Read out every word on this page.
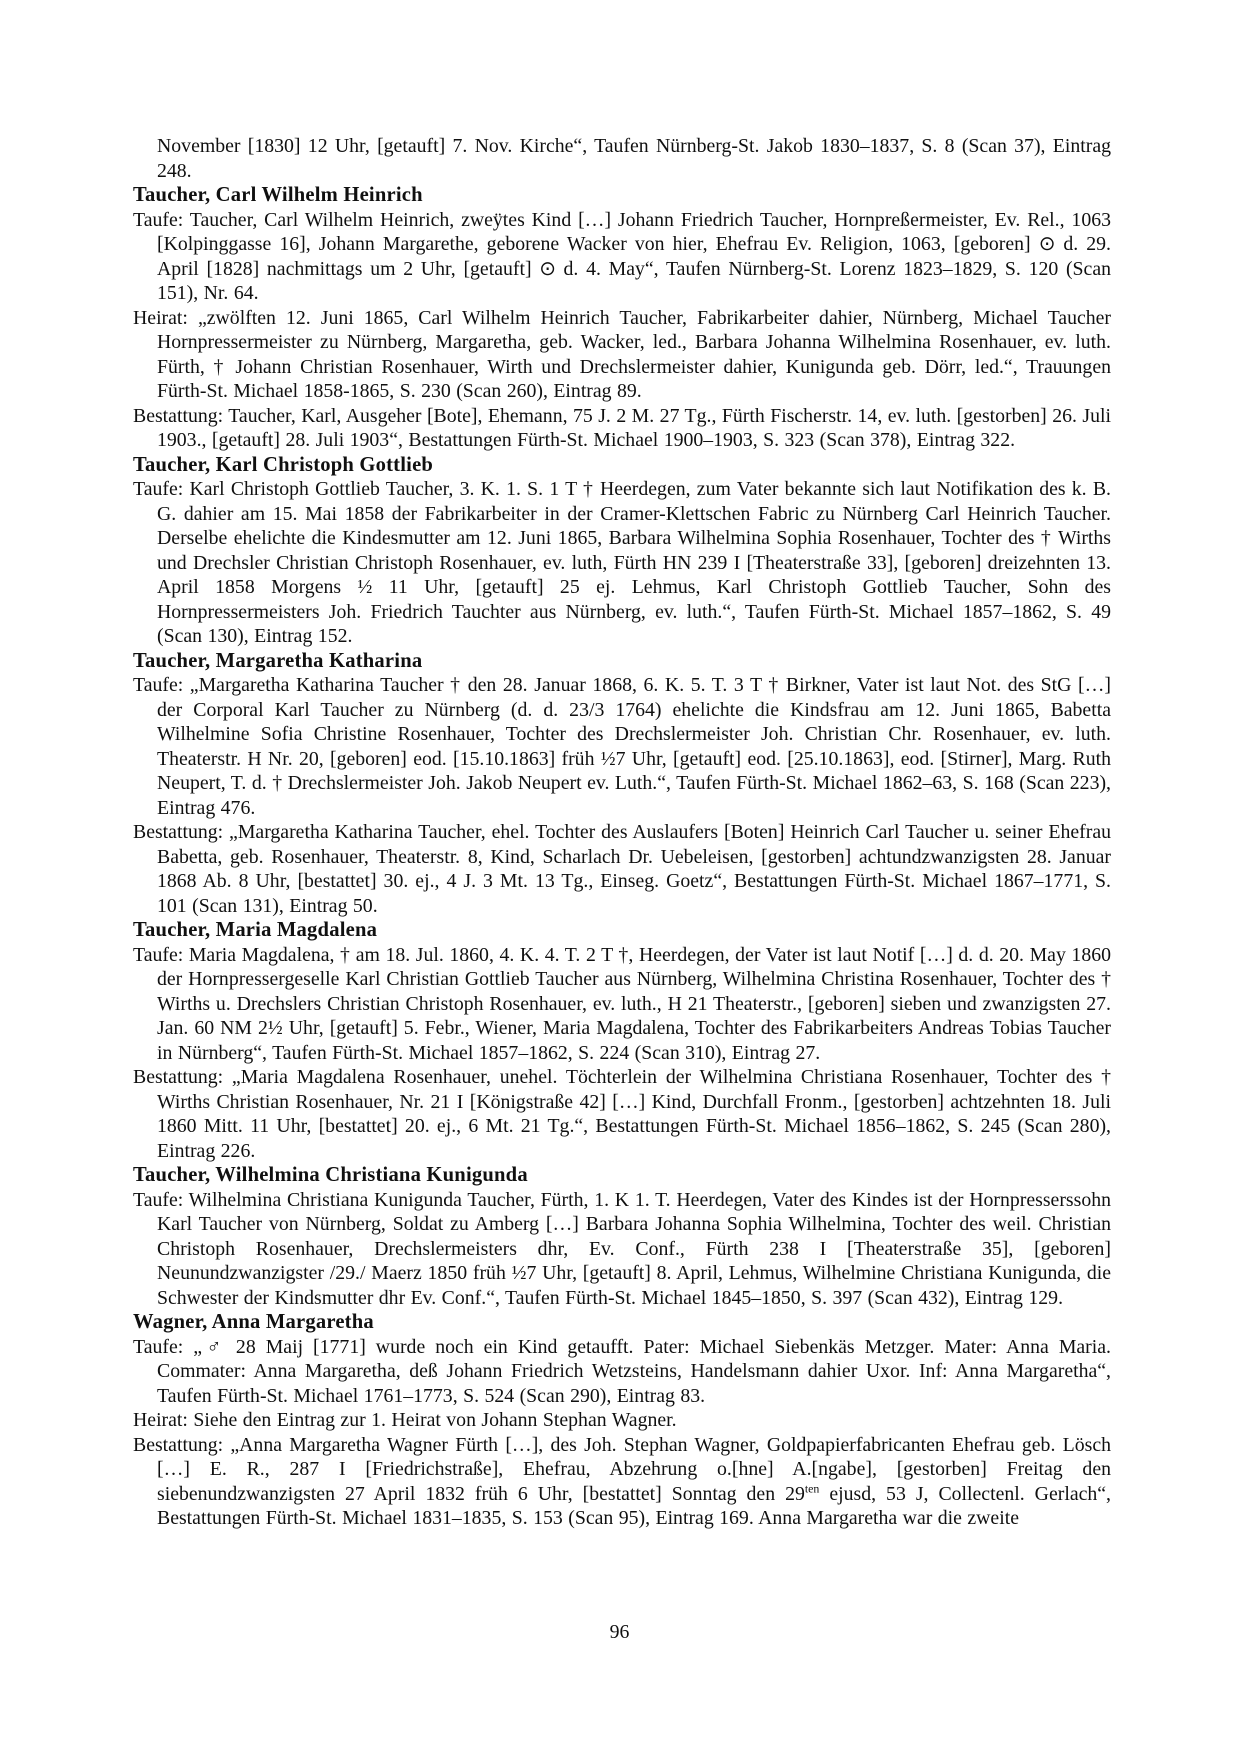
November [1830] 12 Uhr, [getauft] 7. Nov. Kirche“, Taufen Nürnberg-St. Jakob 1830–1837, S. 8 (Scan 37), Eintrag 248.

Taucher, Carl Wilhelm Heinrich

Taufe: Taucher, Carl Wilhelm Heinrich, zweÿtes Kind […] Johann Friedrich Taucher, Hornpreßermeister, Ev. Rel., 1063 [Kolpinggasse 16], Johann Margarethe, geborene Wacker von hier, Ehefrau Ev. Religion, 1063, [geboren] ⊙ d. 29. April [1828] nachmittags um 2 Uhr, [getauft] ⊙ d. 4. May“, Taufen Nürnberg-St. Lorenz 1823–1829, S. 120 (Scan 151), Nr. 64.

Heirat: „zwölften 12. Juni 1865, Carl Wilhelm Heinrich Taucher, Fabrikarbeiter dahier, Nürnberg, Michael Taucher Hornpressermeister zu Nürnberg, Margaretha, geb. Wacker, led., Barbara Johanna Wilhelmina Rosenhauer, ev. luth. Fürth, † Johann Christian Rosenhauer, Wirth und Drechslermeister dahier, Kunigunda geb. Dörr, led.“, Trauungen Fürth-St. Michael 1858-1865, S. 230 (Scan 260), Eintrag 89.

Bestattung: Taucher, Karl, Ausgeher [Bote], Ehemann, 75 J. 2 M. 27 Tg., Fürth Fischerstr. 14, ev. luth. [gestorben] 26. Juli 1903., [getauft] 28. Juli 1903“, Bestattungen Fürth-St. Michael 1900–1903, S. 323 (Scan 378), Eintrag 322.

Taucher, Karl Christoph Gottlieb

Taufe: Karl Christoph Gottlieb Taucher, 3. K. 1. S. 1 T † Heerdegen, zum Vater bekannte sich laut Notifikation des k. B. G. dahier am 15. Mai 1858 der Fabrikarbeiter in der Cramer-Klettschen Fabric zu Nürnberg Carl Heinrich Taucher. Derselbe ehelichte die Kindesmutter am 12. Juni 1865, Barbara Wilhelmina Sophia Rosenhauer, Tochter des † Wirths und Drechsler Christian Christoph Rosenhauer, ev. luth, Fürth HN 239 I [Theaterstraße 33], [geboren] dreizehnten 13. April 1858 Morgens ½ 11 Uhr, [getauft] 25 ej. Lehmus, Karl Christoph Gottlieb Taucher, Sohn des Hornpressermeisters Joh. Friedrich Tauchter aus Nürnberg, ev. luth.“, Taufen Fürth-St. Michael 1857–1862, S. 49 (Scan 130), Eintrag 152.

Taucher, Margaretha Katharina

Taufe: „Margaretha Katharina Taucher † den 28. Januar 1868, 6. K. 5. T. 3 T † Birkner, Vater ist laut Not. des StG […] der Corporal Karl Taucher zu Nürnberg (d. d. 23/3 1764) ehelichte die Kindsfrau am 12. Juni 1865, Babetta Wilhelmine Sofia Christine Rosenhauer, Tochter des Drechslermeister Joh. Christian Chr. Rosenhauer, ev. luth. Theaterstr. H Nr. 20, [geboren] eod. [15.10.1863] früh ½7 Uhr, [getauft] eod. [25.10.1863], eod. [Stirner], Marg. Ruth Neupert, T. d. † Drechslermeister Joh. Jakob Neupert ev. Luth.“, Taufen Fürth-St. Michael 1862–63, S. 168 (Scan 223), Eintrag 476.

Bestattung: „Margaretha Katharina Taucher, ehel. Tochter des Auslaufers [Boten] Heinrich Carl Taucher u. seiner Ehefrau Babetta, geb. Rosenhauer, Theaterstr. 8, Kind, Scharlach Dr. Uebeleisen, [gestorben] achtundzwanzigsten 28. Januar 1868 Ab. 8 Uhr, [bestattet] 30. ej., 4 J. 3 Mt. 13 Tg., Einseg. Goetz“, Bestattungen Fürth-St. Michael 1867–1771, S. 101 (Scan 131), Eintrag 50.

Taucher, Maria Magdalena

Taufe: Maria Magdalena, † am 18. Jul. 1860, 4. K. 4. T. 2 T †, Heerdegen, der Vater ist laut Notif […] d. d. 20. May 1860 der Hornpressergeselle Karl Christian Gottlieb Taucher aus Nürnberg, Wilhelmina Christina Rosenhauer, Tochter des † Wirths u. Drechslers Christian Christoph Rosenhauer, ev. luth., H 21 Theaterstr., [geboren] sieben und zwanzigsten 27. Jan. 60 NM 2½ Uhr, [getauft] 5. Febr., Wiener, Maria Magdalena, Tochter des Fabrikarbeiters Andreas Tobias Taucher in Nürnberg“, Taufen Fürth-St. Michael 1857–1862, S. 224 (Scan 310), Eintrag 27.

Bestattung: „Maria Magdalena Rosenhauer, unehel. Töchterlein der Wilhelmina Christiana Rosenhauer, Tochter des † Wirths Christian Rosenhauer, Nr. 21 I [Königstraße 42] […] Kind, Durchfall Fronm., [gestorben] achtzehnten 18. Juli 1860 Mitt. 11 Uhr, [bestattet] 20. ej., 6 Mt. 21 Tg.“, Bestattungen Fürth-St. Michael 1856–1862, S. 245 (Scan 280), Eintrag 226.

Taucher, Wilhelmina Christiana Kunigunda

Taufe: Wilhelmina Christiana Kunigunda Taucher, Fürth, 1. K 1. T. Heerdegen, Vater des Kindes ist der Hornpresserssohn Karl Taucher von Nürnberg, Soldat zu Amberg […] Barbara Johanna Sophia Wilhelmina, Tochter des weil. Christian Christoph Rosenhauer, Drechslermeisters dhr, Ev. Conf., Fürth 238 I [Theaterstraße 35], [geboren] Neunundzwanzigster /29./ Maerz 1850 früh ½7 Uhr, [getauft] 8. April, Lehmus, Wilhelmine Christiana Kunigunda, die Schwester der Kindsmutter dhr Ev. Conf.“, Taufen Fürth-St. Michael 1845–1850, S. 397 (Scan 432), Eintrag 129.

Wagner, Anna Margaretha

Taufe: „♂ 28 Maij [1771] wurde noch ein Kind getaufft. Pater: Michael Siebenkäs Metzger. Mater: Anna Maria. Commater: Anna Margaretha, deß Johann Friedrich Wetzsteins, Handelsmann dahier Uxor. Inf: Anna Margaretha“, Taufen Fürth-St. Michael 1761–1773, S. 524 (Scan 290), Eintrag 83.

Heirat: Siehe den Eintrag zur 1. Heirat von Johann Stephan Wagner.

Bestattung: „Anna Margaretha Wagner Fürth […], des Joh. Stephan Wagner, Goldpapierfabricanten Ehefrau geb. Lösch […] E. R., 287 I [Friedrichstraße], Ehefrau, Abzehrung o.[hne] A.[ngabe], [gestorben] Freitag den siebenundzwanzigsten 27 April 1832 früh 6 Uhr, [bestattet] Sonntag den $29^{ten}$ ejusd, 53 J, Collectenl. Gerlach“, Bestattungen Fürth-St. Michael 1831–1835, S. 153 (Scan 95), Eintrag 169. Anna Margaretha war die zweite

96
